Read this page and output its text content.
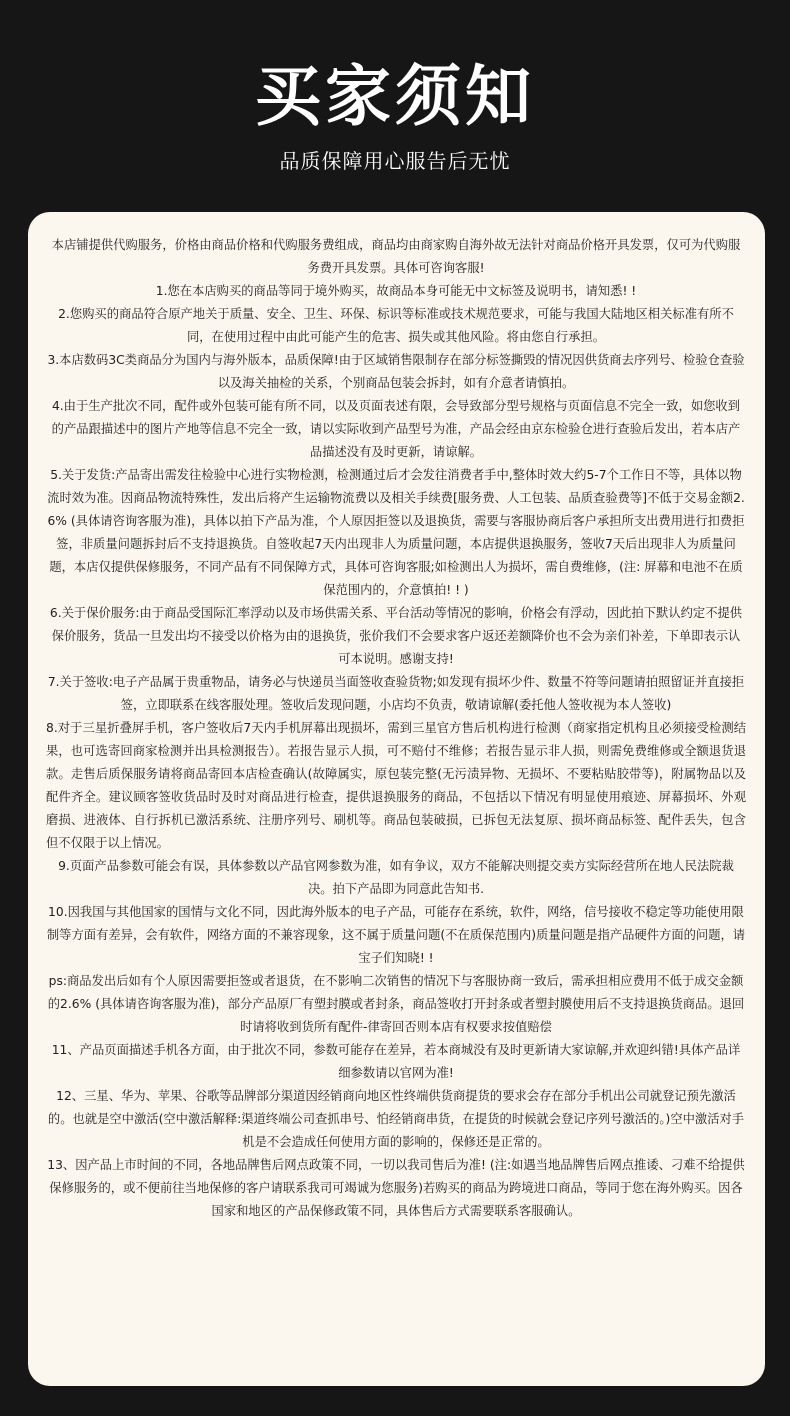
买家须知
品质保障用心服告后无忧

本店铺提供代购服务，价格由商品价格和代购服务费组成，商品均由商家购自海外故无法针对商品价格开具发票，仅可为代购服务费开具发票。具体可咨询客服!

1.您在本店购买的商品等同于境外购买，故商品本身可能无中文标签及说明书，请知悉! !

2.您购买的商品符合原产地关于质量、安全、卫生、环保、标识等标准或技术规范要求，可能与我国大陆地区相关标准有所不同，在使用过程中由此可能产生的危害、损失或其他风险。将由您自行承担。

3.本店数码3C类商品分为国内与海外版本，品质保障!由于区域销售限制存在部分标签撕毁的情况因供货商去序列号、检验仓查验以及海关抽检的关系，个别商品包装会拆封，如有介意者请慎拍。

4.由于生产批次不同，配件或外包装可能有所不同，以及页面表述有限，会导致部分型号规格与页面信息不完全一致，如您收到的产品跟描述中的图片产地等信息不完全一致，请以实际收到产品型号为准，产品会经由京东检验仓进行查验后发出，若本店产品描述没有及时更新，请谅解。

5.关于发货:产品寄出需发往检验中心进行实物检测，检测通过后才会发往消费者手中,整体时效大约5-7个工作日不等，具体以物流时效为准。因商品物流特殊性，发出后将产生运输物流费以及相关手续费[服务费、人工包装、品质查验费等]不低于交易金额2.6% (具体请咨询客服为准)，具体以拍下产品为准，个人原因拒签以及退换货，需要与客服协商后客户承担所支出费用进行扣费拒签，非质量问题拆封后不支持退换货。自签收起7天内出现非人为质量问题，本店提供退换服务，签收7天后出现非人为质量问题，本店仅提供保修服务，不同产品有不同保障方式，具体可咨询客服;如检测出人为损坏，需自费维修，(注: 屏幕和电池不在质保范围内的，介意慎拍! ! )

6.关于保价服务:由于商品受国际汇率浮动以及市场供需关系、平台活动等情况的影响，价格会有浮动，因此拍下默认约定不提供保价服务，货品一旦发出均不接受以价格为由的退换货，张价我们不会要求客户返还差额降价也不会为亲们补差，下单即表示认可本说明。感谢支持!

7.关于签收:电子产品属于贵重物品，请务必与快递员当面签收查验货物;如发现有损坏少件、数量不符等问题请拍照留证并直接拒签，立即联系在线客服处理。签收后发现问题，小店均不负责，敬请谅解(委托他人签收视为本人签收)

8.对于三星折叠屏手机，客户签收后7天内手机屏幕出现损坏，需到三星官方售后机构进行检测（商家指定机构且必须接受检测结果，也可选寄回商家检测并出具检测报告）。若报告显示人损，可不赔付不维修；若报告显示非人损，则需免费维修或全额退货退款。走售后质保服务请将商品寄回本店检查确认(故障属实，原包装完整(无污渍异物、无损坏、不要粘贴胶带等)，附属物品以及配件齐全。建议顾客签收货品时及时对商品进行检查，提供退换服务的商品，不包括以下情况有明显使用痕迹、屏幕损坏、外观磨损、进液体、自行拆机已激活系统、注册序列号、刷机等。商品包装破损，已拆包无法复原、损坏商品标签、配件丢失，包含但不仅限于以上情况。

9.页面产品参数可能会有误，具体参数以产品官网参数为准，如有争议，双方不能解决则提交卖方实际经营所在地人民法院裁决。拍下产品即为同意此告知书.

10.因我国与其他国家的国情与文化不同，因此海外版本的电子产品，可能存在系统，软件，网络，信号接收不稳定等功能使用限制等方面有差异，会有软件，网络方面的不兼容现象，这不属于质量问题(不在质保范围内)质量问题是指产品硬件方面的问题，请宝子们知晓! !

ps:商品发出后如有个人原因需要拒签或者退货，在不影响二次销售的情况下与客服协商一致后，需承担相应费用不低于成交金额的2.6% (具体请咨询客服为准)，部分产品原厂有塑封膜或者封条，商品签收打开封条或者塑封膜使用后不支持退换货商品。退回时请将收到货所有配件-律寄回否则本店有权要求按值赔偿

11、产品页面描述手机各方面，由于批次不同，参数可能存在差异，若本商城没有及时更新请大家谅解,并欢迎纠错!具体产品详细参数请以官网为准!

12、三星、华为、苹果、谷歌等品牌部分渠道因经销商向地区性终端供货商提货的要求会存在部分手机出公司就登记预先激活的。也就是空中激活(空中激活解释:渠道终端公司查抓串号、怕经销商串货，在提货的时候就会登记序列号激活的。)空中激活对手机是不会造成任何使用方面的影响的，保修还是正常的。

13、因产品上市时间的不同，各地品牌售后网点政策不同，一切以我司售后为准! (注:如遇当地品牌售后网点推诿、刁难不给提供保修服务的，或不便前往当地保修的客户请联系我司可竭诚为您服务)若购买的商品为跨境进口商品，等同于您在海外购买。因各国家和地区的产品保修政策不同，具体售后方式需要联系客服确认。
